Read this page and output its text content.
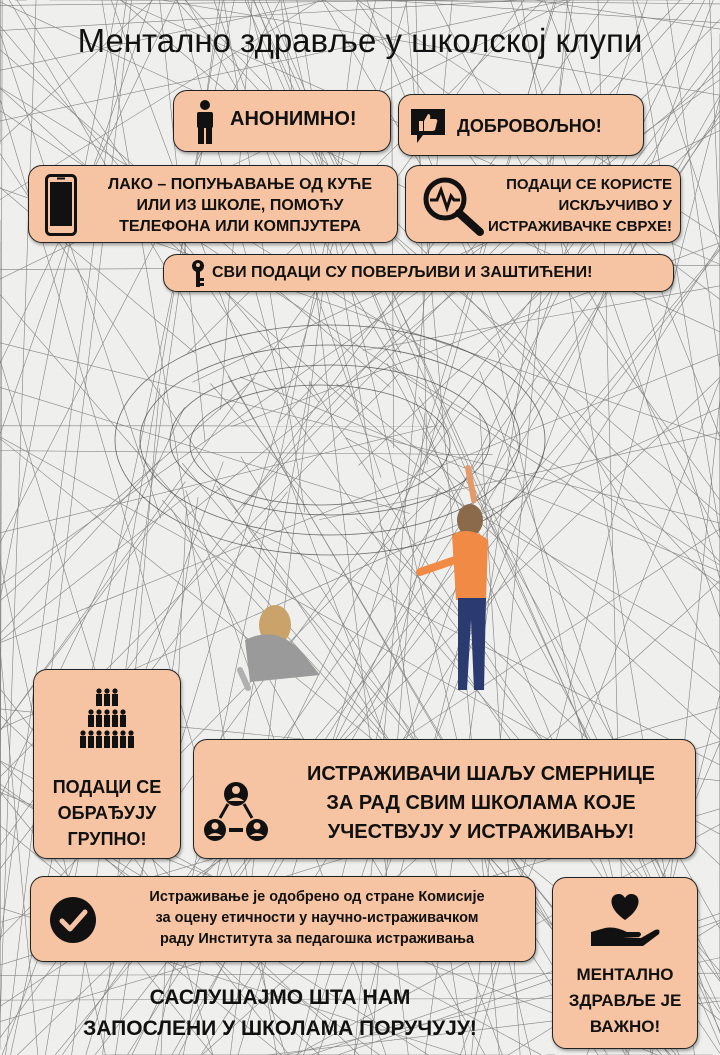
Ментално здравље у школској клупи
АНОНИМНО!	ДОБРОВОЉНО!
ЛАКО – ПОПУЊАВАЊЕ ОД КУЋЕ
ИЛИ ИЗ ШКОЛЕ, ПОМОЋУ
ТЕЛЕФОНА ИЛИ КОМПЈУТЕРА
ПОДАЦИ СЕ КОРИСТЕ
ИСКЉУЧИВО У
ИСТРАЖИВАЧКЕ СВРХЕ!
СВИ ПОДАЦИ СУ ПОВЕРЉИВИ И ЗАШТИЋЕНИ!
ПОДАЦИ СЕ
ОБРАЂУЈУ
ГРУПНО!
ИСТРАЖИВАЧИ ШАЉУ СМЕРНИЦЕ
ЗА РАД СВИМ ШКОЛАМА КОЈЕ
УЧЕСТВУЈУ У ИСТРАЖИВАЊУ!
Истраживање је одобрено од стране Комисије
за оцену етичности у научно-истраживачком
раду Института за педагошка истраживања
МЕНТАЛНО
ЗДРАВЉЕ ЈЕ
ВАЖНО!
САСЛУШАЈМО ШТА НАМ
ЗАПОСЛЕНИ У ШКОЛАМА ПОРУЧУЈУ!
